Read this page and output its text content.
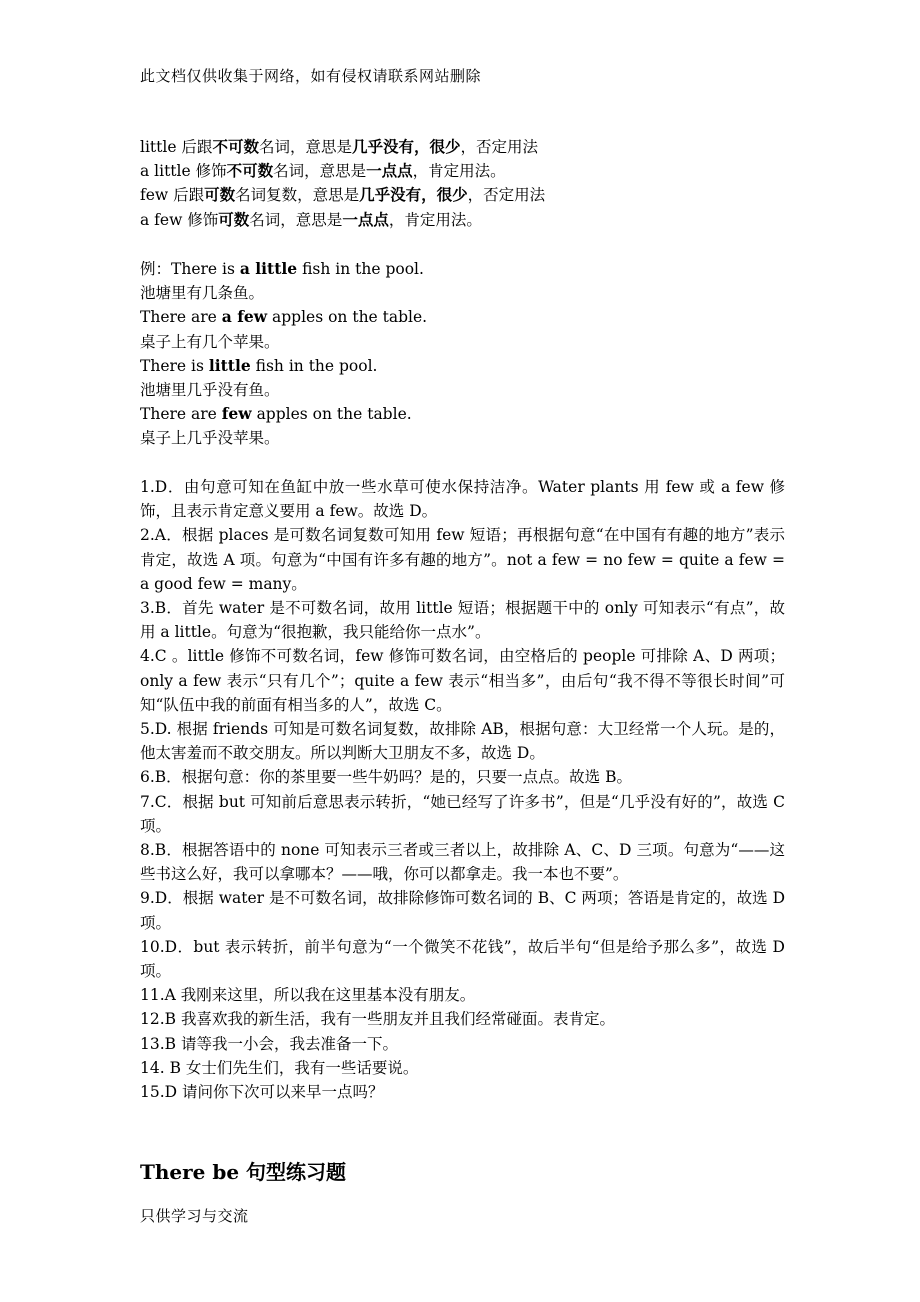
此文档仅供收集于网络，如有侵权请联系网站删除
little 后跟不可数名词，意思是几乎没有，很少，否定用法
a little 修饰不可数名词，意思是一点点，肯定用法。
few 后跟可数名词复数，意思是几乎没有，很少，否定用法
a few 修饰可数名词，意思是一点点，肯定用法。
例：There is a little fish in the pool.
池塘里有几条鱼。
There are a few apples on the table.
桌子上有几个苹果。
There is little fish in the pool.
池塘里几乎没有鱼。
There are few apples on the table.
桌子上几乎没苹果。
1.D．由句意可知在鱼缸中放一些水草可使水保持洁净。Water plants 用 few 或 a few 修饰，且表示肯定意义要用 a few。故选 D。
2.A．根据 places 是可数名词复数可知用 few 短语；再根据句意“在中国有有趣的地方”表示肯定，故选 A 项。句意为“中国有许多有趣的地方”。not a few = no few = quite a few = a good few = many。
3.B．首先 water 是不可数名词，故用 little 短语；根据题干中的 only 可知表示“有点”，故用 a little。句意为“很抱歉，我只能给你一点水”。
4.C 。little 修饰不可数名词，few 修饰可数名词，由空格后的 people 可排除 A、D 两项；only a few 表示“只有几个”；quite a few 表示“相当多”，由后句“我不得不等很长时间”可知“队伍中我的前面有相当多的人”，故选 C。
5.D. 根据 friends 可知是可数名词复数，故排除 AB，根据句意：大卫经常一个人玩。是的，他太害羞而不敢交朋友。所以判断大卫朋友不多，故选 D。
6.B．根据句意：你的茶里要一些牛奶吗？是的，只要一点点。故选 B。
7.C．根据 but 可知前后意思表示转折，“她已经写了许多书”，但是“几乎没有好的”，故选 C 项。
8.B．根据答语中的 none 可知表示三者或三者以上，故排除 A、C、D 三项。句意为“——这些书这么好，我可以拿哪本？——哦，你可以都拿走。我一本也不要”。
9.D．根据 water 是不可数名词，故排除修饰可数名词的 B、C 两项；答语是肯定的，故选 D 项。
10.D．but 表示转折，前半句意为“一个微笑不花钱”，故后半句“但是给予那么多”，故选 D 项。
11.A 我刚来这里，所以我在这里基本没有朋友。
12.B 我喜欢我的新生活，我有一些朋友并且我们经常碰面。表肯定。
13.B 请等我一小会，我去准备一下。
14. B 女士们先生们，我有一些话要说。
15.D 请问你下次可以来早一点吗？
There be 句型练习题
只供学习与交流
